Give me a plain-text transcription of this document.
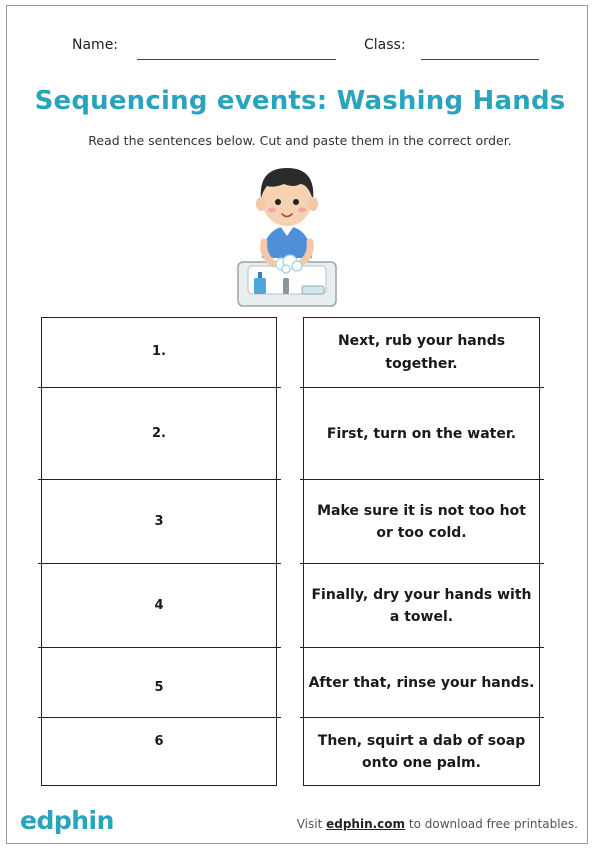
Name:	Class:
Sequencing events: Washing Hands
Read the sentences below. Cut and paste them in the correct order.
1.
2.
3
4
5
6
Next, rub your hands together.
First, turn on the water.
Make sure it is not too hot or too cold.
Finally, dry your hands with a towel.
After that, rinse your hands.
Then, squirt a dab of soap onto one palm.
edphin	Visit edphin.com to download free printables.
